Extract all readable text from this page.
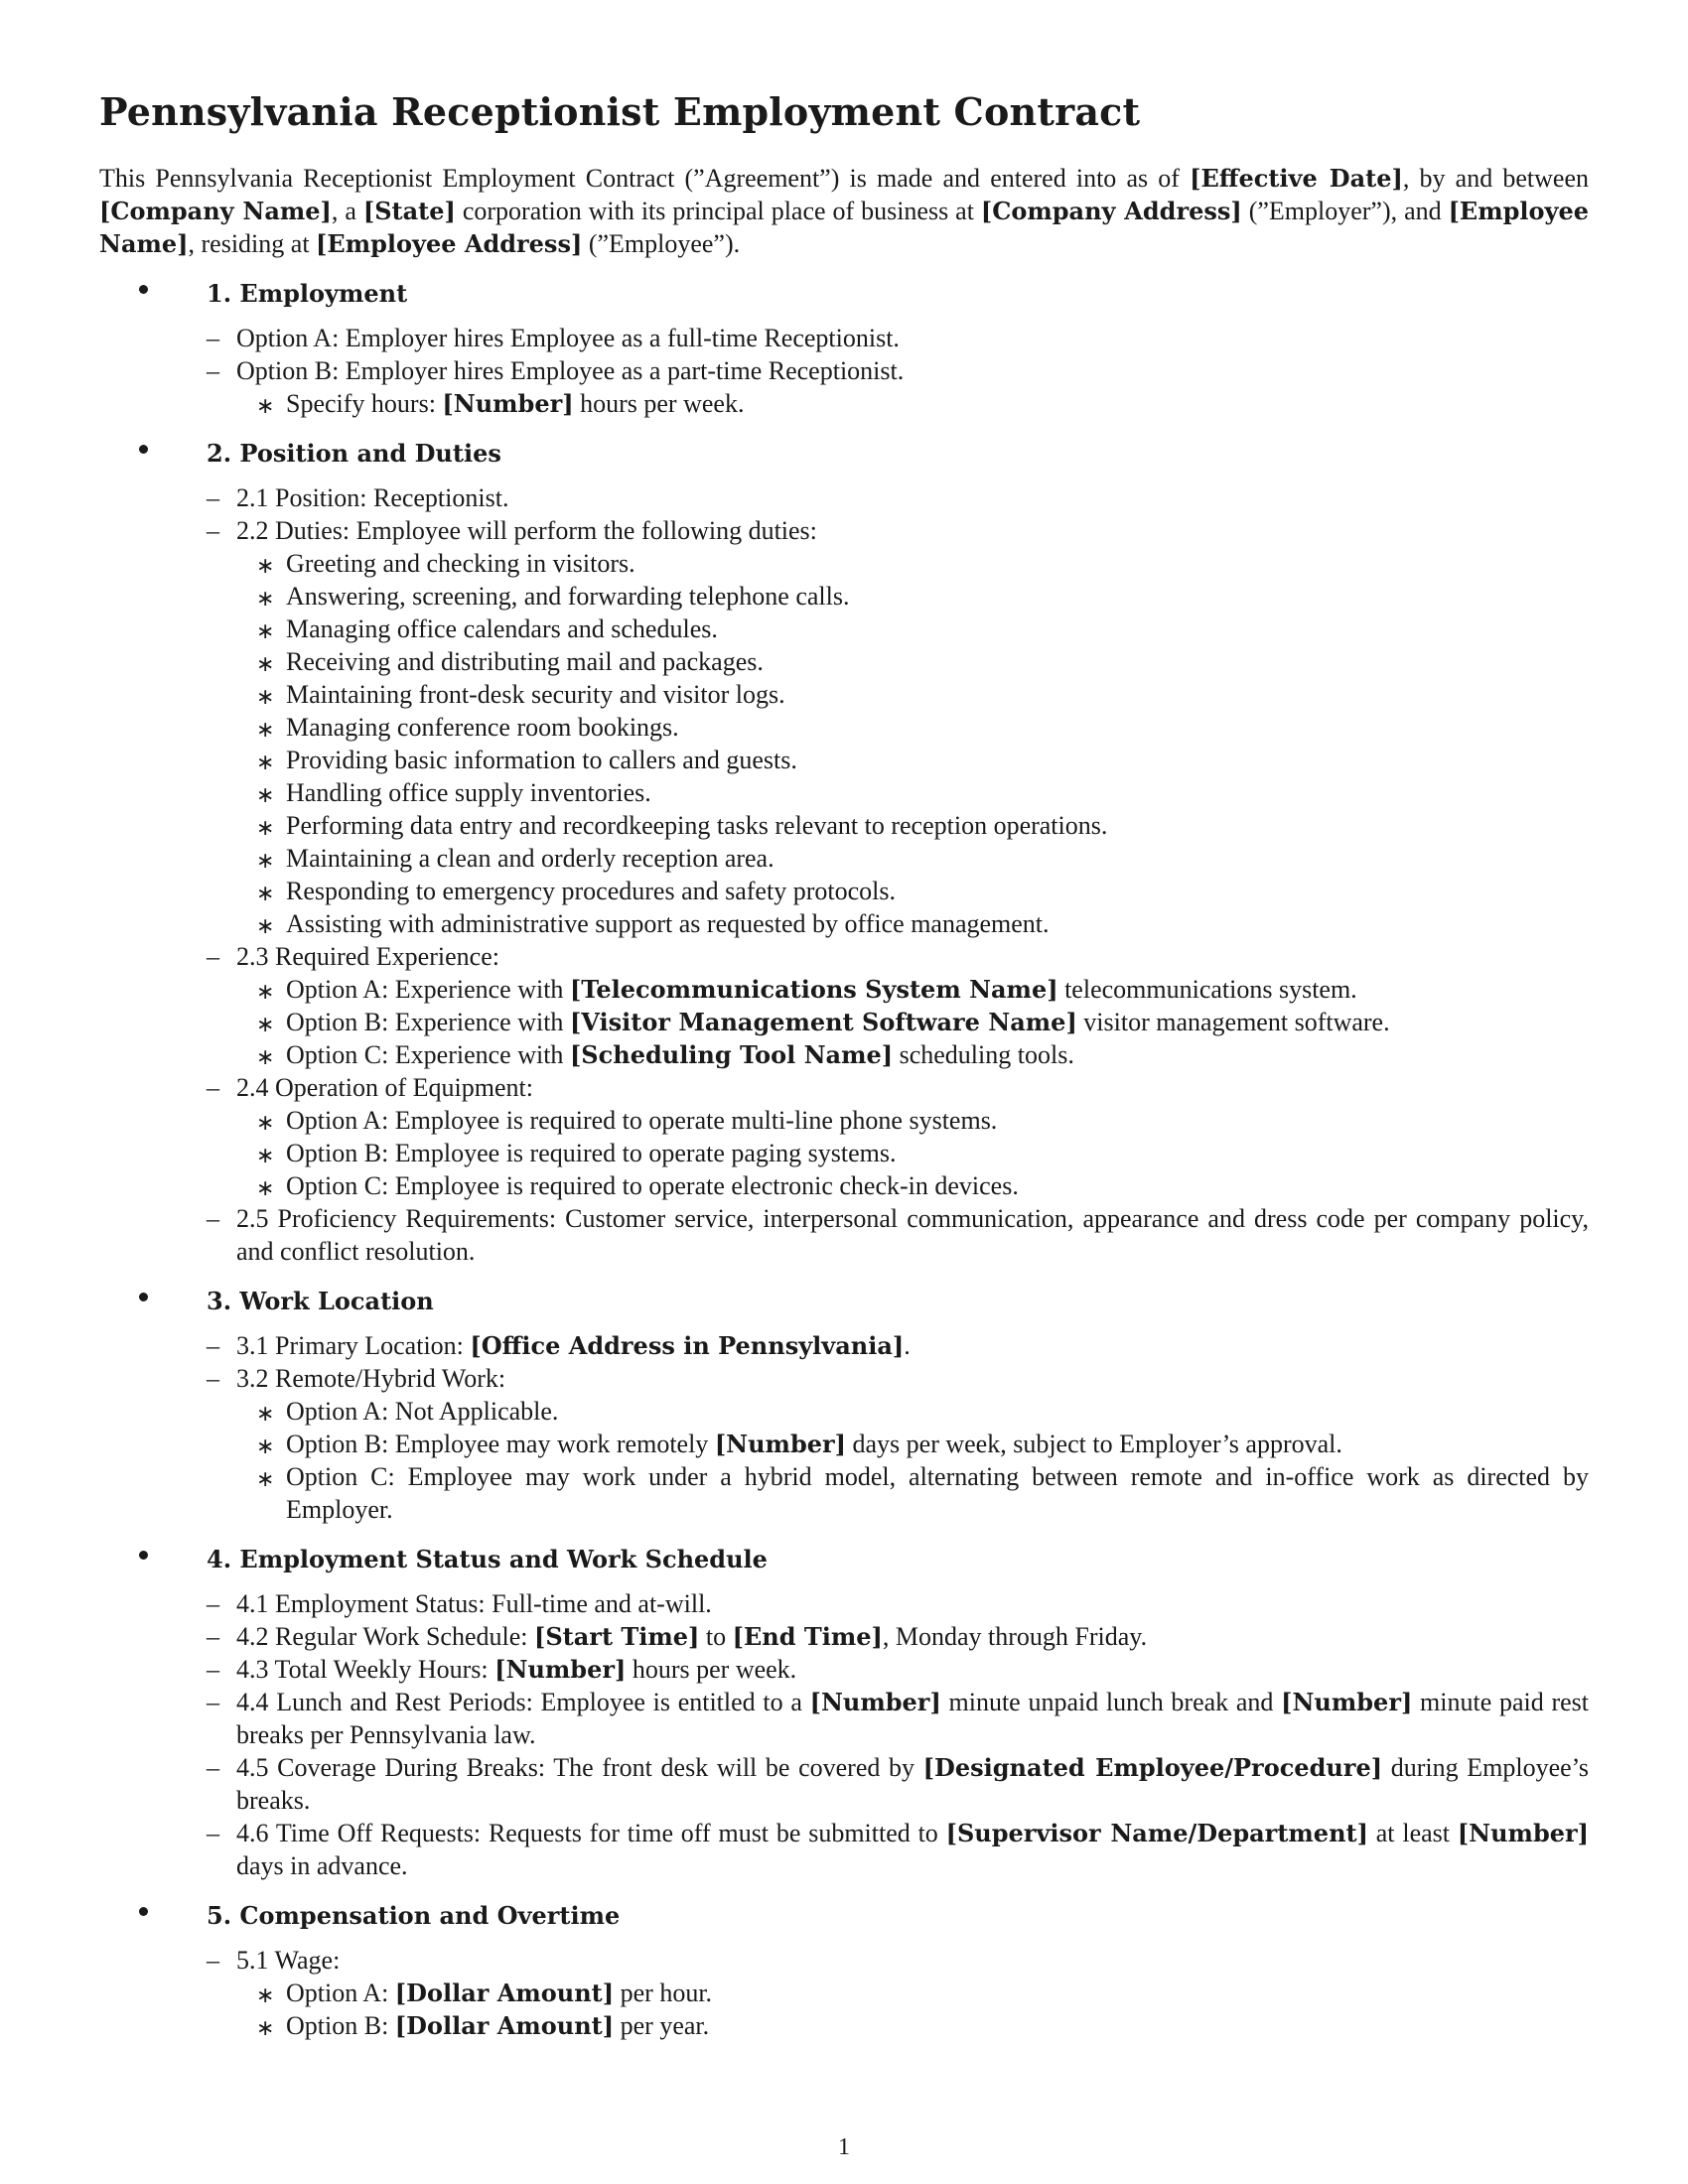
Pennsylvania Receptionist Employment Contract

This Pennsylvania Receptionist Employment Contract (”Agreement”) is made and entered into as of [Effective Date], by and between [Company Name], a [State] corporation with its principal place of business at [Company Address] (”Employer”), and [Employee Name], residing at [Employee Address] (”Employee”).

1. Employment
– Option A: Employer hires Employee as a full-time Receptionist.
– Option B: Employer hires Employee as a part-time Receptionist.
∗ Specify hours: [Number] hours per week.
2. Position and Duties
– 2.1 Position: Receptionist.
– 2.2 Duties: Employee will perform the following duties:
∗ Greeting and checking in visitors.
∗ Answering, screening, and forwarding telephone calls.
∗ Managing office calendars and schedules.
∗ Receiving and distributing mail and packages.
∗ Maintaining front-desk security and visitor logs.
∗ Managing conference room bookings.
∗ Providing basic information to callers and guests.
∗ Handling office supply inventories.
∗ Performing data entry and recordkeeping tasks relevant to reception operations.
∗ Maintaining a clean and orderly reception area.
∗ Responding to emergency procedures and safety protocols.
∗ Assisting with administrative support as requested by office management.
– 2.3 Required Experience:
∗ Option A: Experience with [Telecommunications System Name] telecommunications system.
∗ Option B: Experience with [Visitor Management Software Name] visitor management software.
∗ Option C: Experience with [Scheduling Tool Name] scheduling tools.
– 2.4 Operation of Equipment:
∗ Option A: Employee is required to operate multi-line phone systems.
∗ Option B: Employee is required to operate paging systems.
∗ Option C: Employee is required to operate electronic check-in devices.
– 2.5 Proficiency Requirements: Customer service, interpersonal communication, appearance and dress code per company policy, and conflict resolution.
3. Work Location
– 3.1 Primary Location: [Office Address in Pennsylvania].
– 3.2 Remote/Hybrid Work:
∗ Option A: Not Applicable.
∗ Option B: Employee may work remotely [Number] days per week, subject to Employer’s approval.
∗ Option C: Employee may work under a hybrid model, alternating between remote and in-office work as directed by Employer.
4. Employment Status and Work Schedule
– 4.1 Employment Status: Full-time and at-will.
– 4.2 Regular Work Schedule: [Start Time] to [End Time], Monday through Friday.
– 4.3 Total Weekly Hours: [Number] hours per week.
– 4.4 Lunch and Rest Periods: Employee is entitled to a [Number] minute unpaid lunch break and [Number] minute paid rest breaks per Pennsylvania law.
– 4.5 Coverage During Breaks: The front desk will be covered by [Designated Employee/Procedure] during Employee’s breaks.
– 4.6 Time Off Requests: Requests for time off must be submitted to [Supervisor Name/Department] at least [Number] days in advance.
5. Compensation and Overtime
– 5.1 Wage:
∗ Option A: [Dollar Amount] per hour.
∗ Option B: [Dollar Amount] per year.
1
